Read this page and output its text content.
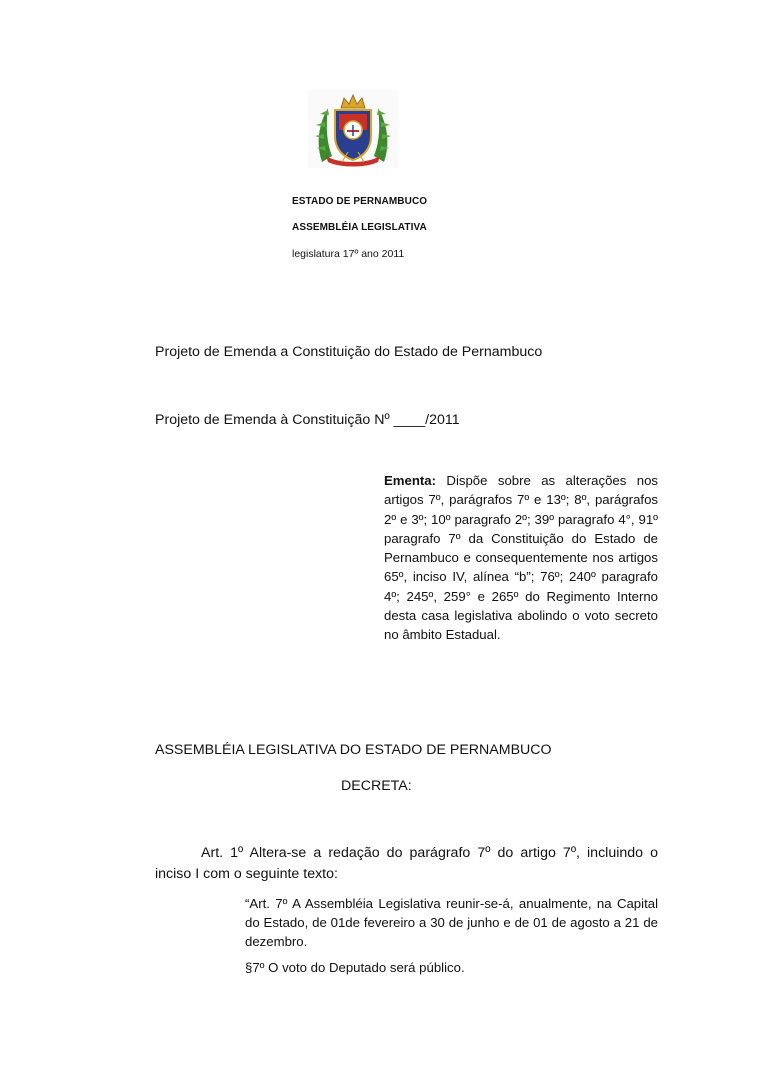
ESTADO DE PERNAMBUCO
ASSEMBLÉIA LEGISLATIVA
legislatura 17º ano 2011
Projeto de Emenda a Constituição do Estado de Pernambuco
Projeto de Emenda à Constituição Nº ____/2011
Ementa: Dispõe sobre as alterações nos artigos 7º, parágrafos 7º e 13º; 8º, parágrafos 2º e 3º; 10º paragrafo 2º; 39º paragrafo 4°, 91º paragrafo 7º da Constituição do Estado de Pernambuco e consequentemente nos artigos 65º, inciso IV, alínea “b”; 76º; 240º paragrafo 4º; 245º, 259° e 265º do Regimento Interno desta casa legislativa abolindo o voto secreto no âmbito Estadual.
ASSEMBLÉIA LEGISLATIVA DO ESTADO DE PERNAMBUCO
DECRETA:
Art. 1º Altera-se a redação do parágrafo 7º do artigo 7º, incluindo o inciso I com o seguinte texto:
“Art. 7º A Assembléia Legislativa reunir-se-á, anualmente, na Capital do Estado, de 01de fevereiro a 30 de junho e de 01 de agosto a 21 de dezembro.
§7º O voto do Deputado será público.
